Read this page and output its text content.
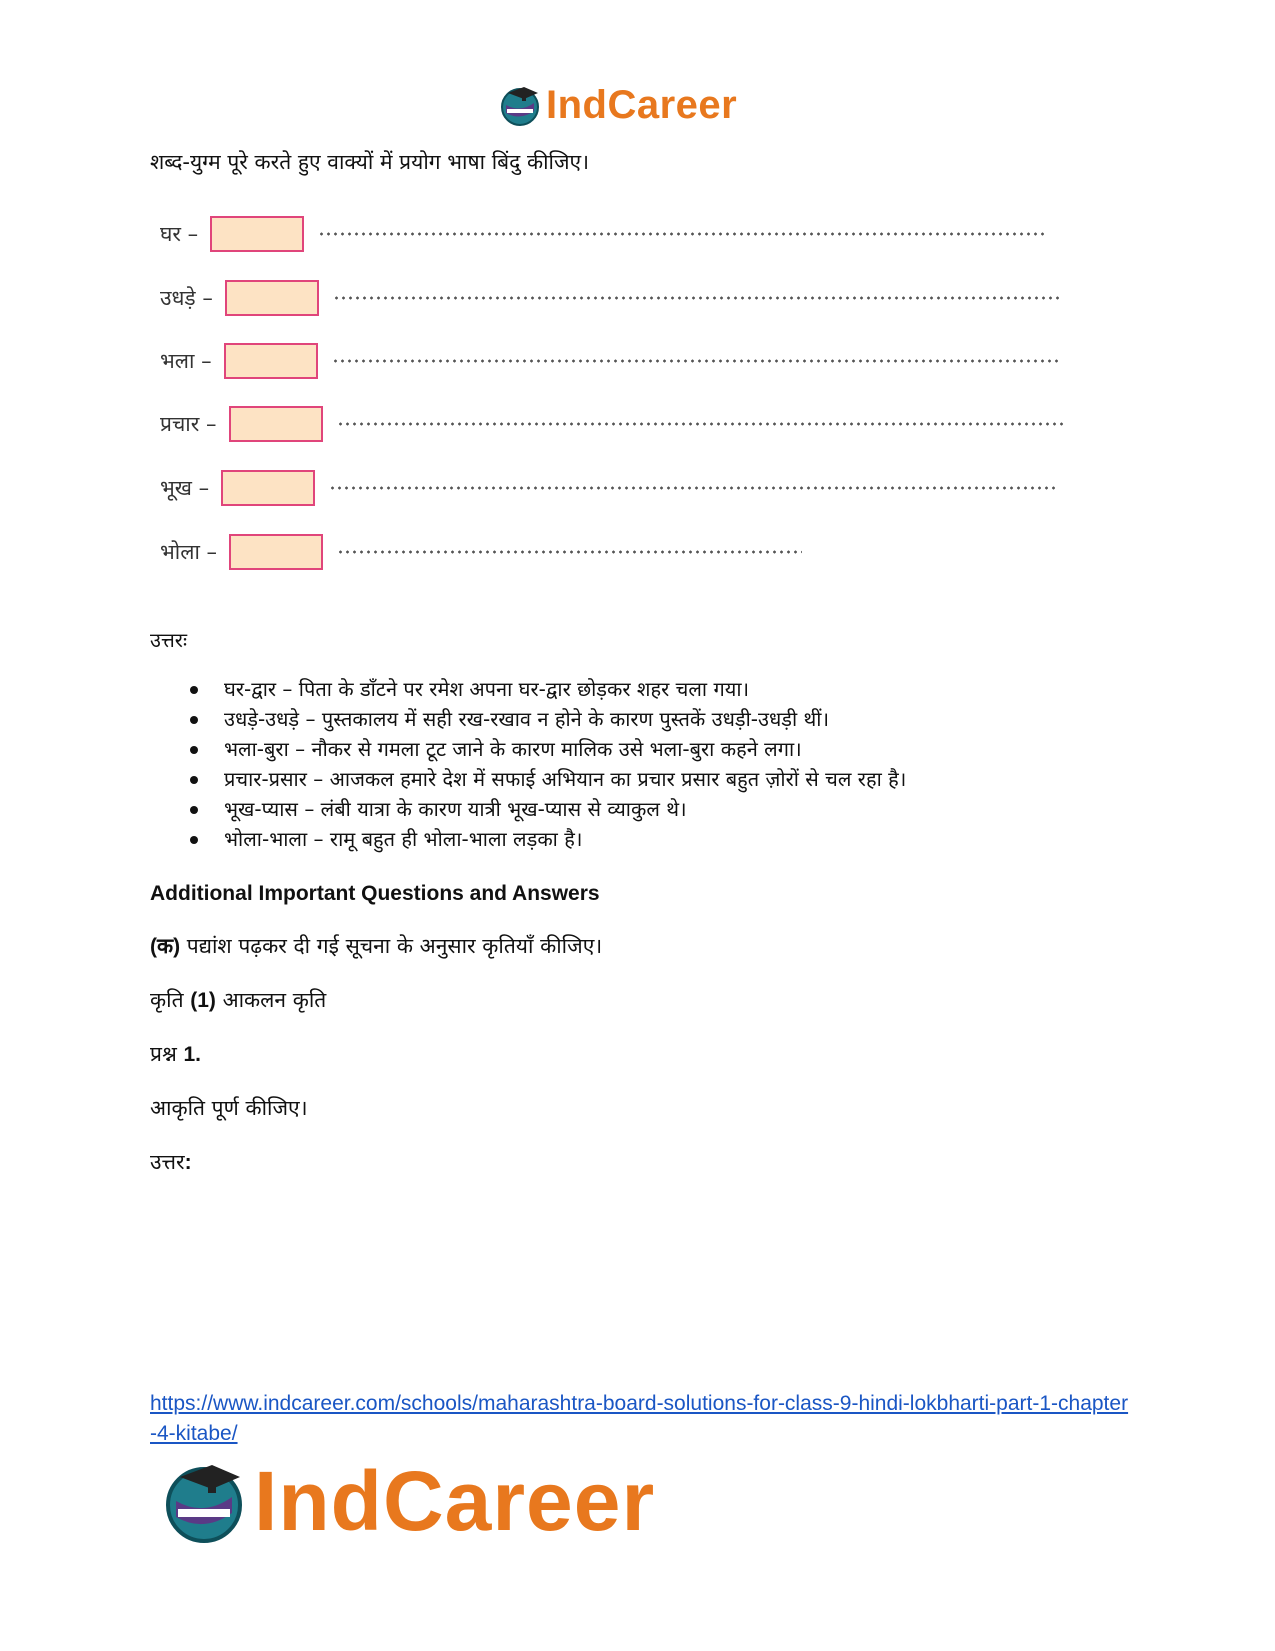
IndCareer
शब्द-युग्म पूरे करते हुए वाक्यों में प्रयोग भाषा बिंदु कीजिए।
घर –
उधड़े –
भला –
प्रचार –
भूख –
भोला –
उत्तरः
घर-द्वार – पिता के डाँटने पर रमेश अपना घर-द्वार छोड़कर शहर चला गया।
उधड़े-उधड़े – पुस्तकालय में सही रख-रखाव न होने के कारण पुस्तकें उधड़ी-उधड़ी थीं।
भला-बुरा – नौकर से गमला टूट जाने के कारण मालिक उसे भला-बुरा कहने लगा।
प्रचार-प्रसार – आजकल हमारे देश में सफाई अभियान का प्रचार प्रसार बहुत ज़ोरों से चल रहा है।
भूख-प्यास – लंबी यात्रा के कारण यात्री भूख-प्यास से व्याकुल थे।
भोला-भाला – रामू बहुत ही भोला-भाला लड़का है।
Additional Important Questions and Answers
(क) पद्यांश पढ़कर दी गई सूचना के अनुसार कृतियाँ कीजिए।
कृति (1) आकलन कृति
प्रश्न 1.
आकृति पूर्ण कीजिए।
उत्तर:
https://www.indcareer.com/schools/maharashtra-board-solutions-for-class-9-hindi-lokbharti-part-1-chapter-4-kitabe/
IndCareer
